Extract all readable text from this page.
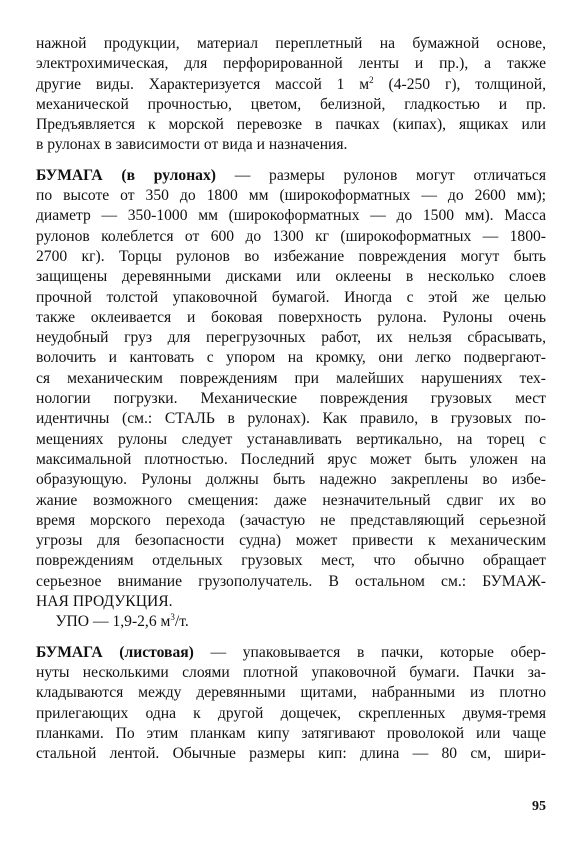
нажной продукции, материал переплетный на бумажной основе,
электрохимическая, для перфорированной ленты и пр.), а также
другие виды. Характеризуется массой 1 $м^2$ (4-250 г), толщиной,
механической прочностью, цветом, белизной, гладкостью и пр.
Предъявляется к морской перевозке в пачках (кипах), ящиках или
в рулонах в зависимости от вида и назначения.
БУМАГА (в рулонах) — размеры рулонов могут отличаться
по высоте от 350 до 1800 мм (широкоформатных — до 2600 мм);
диаметр — 350-1000 мм (широкоформатных — до 1500 мм). Масса
рулонов колеблется от 600 до 1300 кг (широкоформатных — 1800-
2700 кг). Торцы рулонов во избежание повреждения могут быть
защищены деревянными дисками или оклеены в несколько слоев
прочной толстой упаковочной бумагой. Иногда с этой же целью
также оклеивается и боковая поверхность рулона. Рулоны очень
неудобный груз для перегрузочных работ, их нельзя сбрасывать,
волочить и кантовать с упором на кромку, они легко подвергают-
ся механическим повреждениям при малейших нарушениях тех-
нологии погрузки. Механические повреждения грузовых мест
идентичны (см.: СТАЛЬ в рулонах). Как правило, в грузовых по-
мещениях рулоны следует устанавливать вертикально, на торец с
максимальной плотностью. Последний ярус может быть уложен на
образующую. Рулоны должны быть надежно закреплены во избе-
жание возможного смещения: даже незначительный сдвиг их во
время морского перехода (зачастую не представляющий серьезной
угрозы для безопасности судна) может привести к механическим
повреждениям отдельных грузовых мест, что обычно обращает
серьезное внимание грузополучатель. В остальном см.: БУМАЖ-
НАЯ ПРОДУКЦИЯ.
УПО — 1,9-2,6 $м^3/т$.
БУМАГА (листовая) — упаковывается в пачки, которые обер-
нуты несколькими слоями плотной упаковочной бумаги. Пачки за-
кладываются между деревянными щитами, набранными из плотно
прилегающих одна к другой дощечек, скрепленных двумя-тремя
планками. По этим планкам кипу затягивают проволокой или чаще
стальной лентой. Обычные размеры кип: длина — 80 см, шири-
95
